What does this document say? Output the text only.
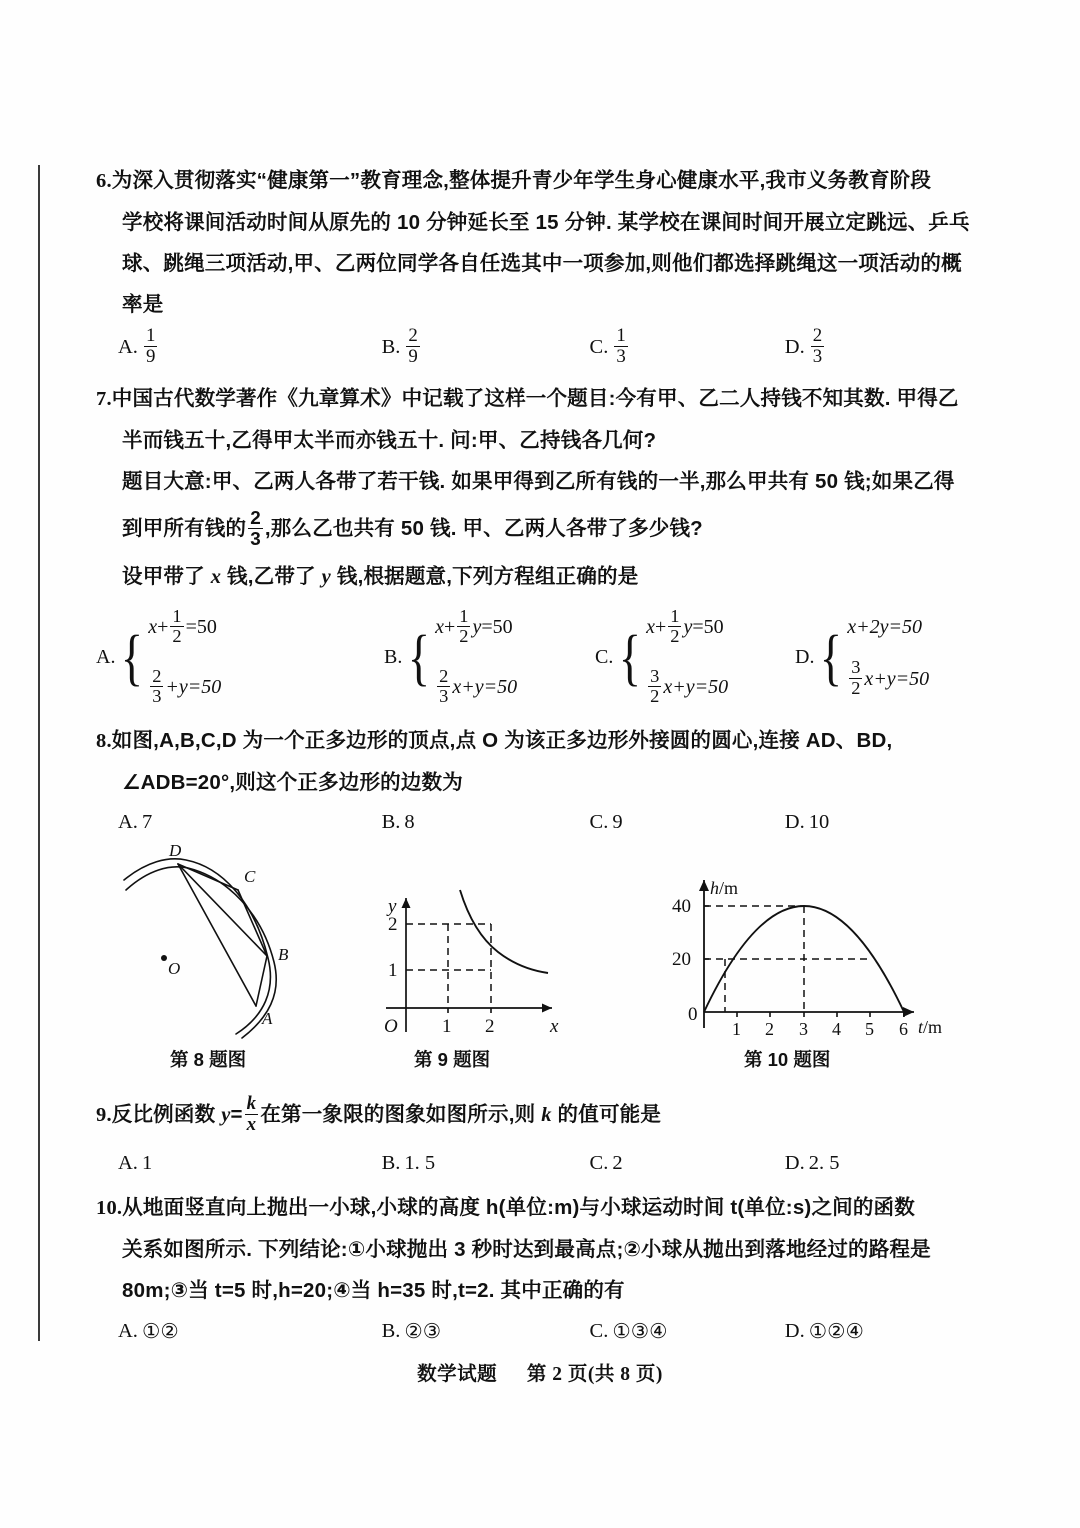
6.为深入贯彻落实“健康第一”教育理念,整体提升青少年学生身心健康水平,我市义务教育阶段
学校将课间活动时间从原先的 10 分钟延长至 15 分钟. 某学校在课间时间开展立定跳远、乒乓
球、跳绳三项活动,甲、乙两位同学各自任选其中一项参加,则他们都选择跳绳这一项活动的概
率是
A. $\frac{1}{9}$	B. $\frac{2}{9}$	C. $\frac{1}{3}$	D. $\frac{2}{3}$
7.中国古代数学著作《九章算术》中记载了这样一个题目:今有甲、乙二人持钱不知其数. 甲得乙
半而钱五十,乙得甲太半而亦钱五十. 问:甲、乙持钱各几何?
题目大意:甲、乙两人各带了若干钱. 如果甲得到乙所有钱的一半,那么甲共有 50 钱;如果乙得
到甲所有钱的 $\frac{2}{3}$ ,那么乙也共有 50 钱. 甲、乙两人各带了多少钱?
设甲带了 x 钱,乙带了 y 钱,根据题意,下列方程组正确的是
A. { $x + \frac{1}{2} =50$
$\frac{2}{3} +y=50$
B. { $x + \frac{1}{2}$ y =50
$\frac{2}{3}$ x +y=50
C. { $x + \frac{1}{2}$ y =50
$\frac{3}{2}$ x +y=50
D. { x+2y=50
$\frac{3}{2}$ x +y=50
8.如图,A,B,C,D 为一个正多边形的顶点,点 O 为该正多边形外接圆的圆心,连接 AD、BD,
∠ADB=20°,则这个正多边形的边数为
A. 7	B. 8	C. 9	D. 10
O
D
C
B
A
第 8 题图
2
1
1 2
O	x
y
第 9 题图
40
20
0
1 2 3 4 5 6 t/m
h/m
第 10 题图
9.反比例函数 $y= \frac{k}{x}$ 在第一象限的图象如图所示,则 k 的值可能是
A. 1	B. 1. 5	C. 2	D. 2. 5
10.从地面竖直向上抛出一小球,小球的高度 h(单位:m)与小球运动时间 t(单位:s)之间的函数
关系如图所示. 下列结论:①小球抛出 3 秒时达到最高点;②小球从抛出到落地经过的路程是
80m;③当 t=5 时,h=20;④当 h=35 时,t=2. 其中正确的有
A. ①②	B. ②③	C. ①③④	D. ①②④
数学试题 第 2 页(共 8 页)
